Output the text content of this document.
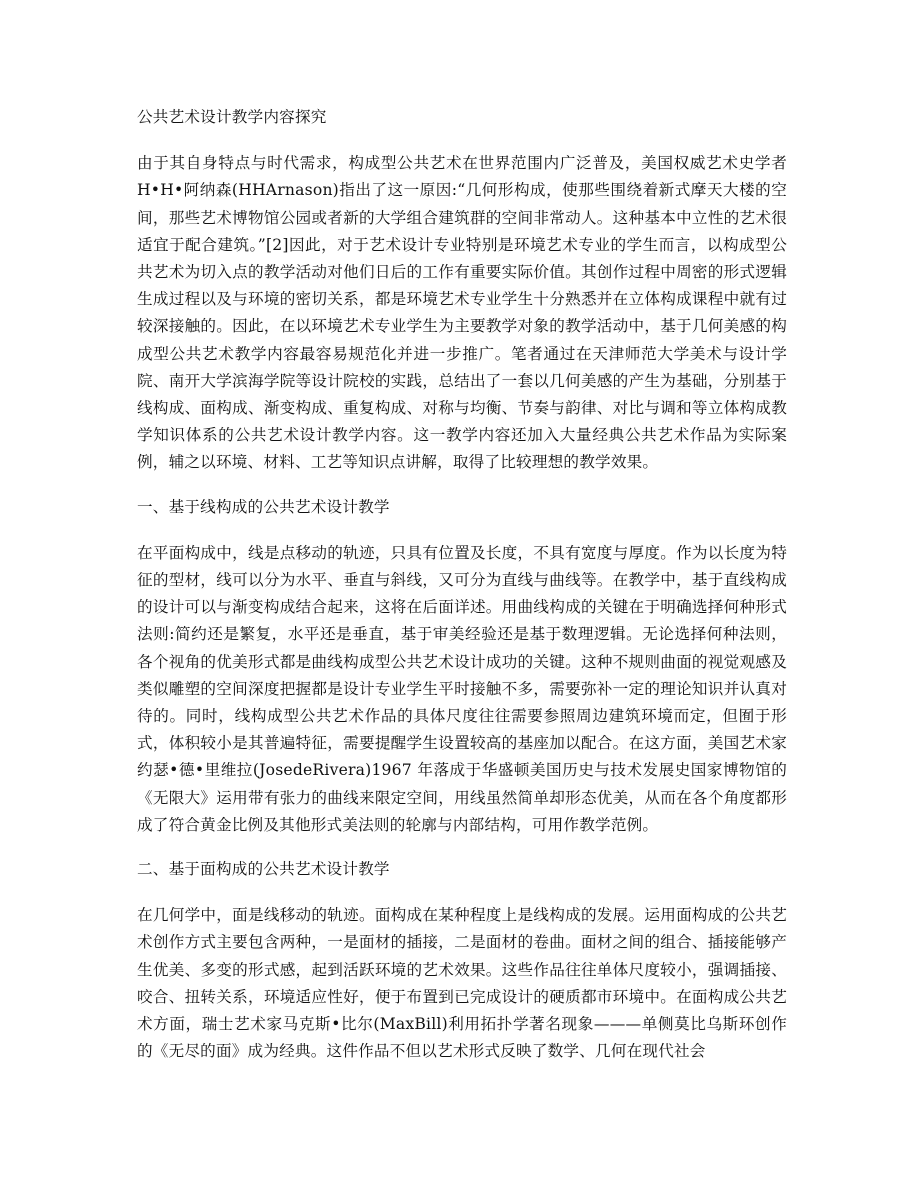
公共艺术设计教学内容探究

由于其自身特点与时代需求，构成型公共艺术在世界范围内广泛普及，美国权威艺术史学者 H•H•阿纳森(HHArnason)指出了这一原因:“几何形构成，使那些围绕着新式摩天大楼的空间，那些艺术博物馆公园或者新的大学组合建筑群的空间非常动人。这种基本中立性的艺术很适宜于配合建筑。”[2]因此，对于艺术设计专业特别是环境艺术专业的学生而言，以构成型公共艺术为切入点的教学活动对他们日后的工作有重要实际价值。其创作过程中周密的形式逻辑生成过程以及与环境的密切关系，都是环境艺术专业学生十分熟悉并在立体构成课程中就有过较深接触的。因此，在以环境艺术专业学生为主要教学对象的教学活动中，基于几何美感的构成型公共艺术教学内容最容易规范化并进一步推广。笔者通过在天津师范大学美术与设计学院、南开大学滨海学院等设计院校的实践，总结出了一套以几何美感的产生为基础，分别基于线构成、面构成、渐变构成、重复构成、对称与均衡、节奏与韵律、对比与调和等立体构成教学知识体系的公共艺术设计教学内容。这一教学内容还加入大量经典公共艺术作品为实际案例，辅之以环境、材料、工艺等知识点讲解，取得了比较理想的教学效果。

一、基于线构成的公共艺术设计教学

在平面构成中，线是点移动的轨迹，只具有位置及长度，不具有宽度与厚度。作为以长度为特征的型材，线可以分为水平、垂直与斜线，又可分为直线与曲线等。在教学中，基于直线构成的设计可以与渐变构成结合起来，这将在后面详述。用曲线构成的关键在于明确选择何种形式法则:简约还是繁复，水平还是垂直，基于审美经验还是基于数理逻辑。无论选择何种法则，各个视角的优美形式都是曲线构成型公共艺术设计成功的关键。这种不规则曲面的视觉观感及类似雕塑的空间深度把握都是设计专业学生平时接触不多，需要弥补一定的理论知识并认真对待的。同时，线构成型公共艺术作品的具体尺度往往需要参照周边建筑环境而定，但囿于形式，体积较小是其普遍特征，需要提醒学生设置较高的基座加以配合。在这方面，美国艺术家约瑟•德•里维拉(JosedeRivera)1967 年落成于华盛顿美国历史与技术发展史国家博物馆的《无限大》运用带有张力的曲线来限定空间，用线虽然简单却形态优美，从而在各个角度都形成了符合黄金比例及其他形式美法则的轮廓与内部结构，可用作教学范例。

二、基于面构成的公共艺术设计教学

在几何学中，面是线移动的轨迹。面构成在某种程度上是线构成的发展。运用面构成的公共艺术创作方式主要包含两种，一是面材的插接，二是面材的卷曲。面材之间的组合、插接能够产生优美、多变的形式感，起到活跃环境的艺术效果。这些作品往往单体尺度较小，强调插接、咬合、扭转关系，环境适应性好，便于布置到已完成设计的硬质都市环境中。在面构成公共艺术方面，瑞士艺术家马克斯•比尔(MaxBill)利用拓扑学著名现象———单侧莫比乌斯环创作的《无尽的面》成为经典。这件作品不但以艺术形式反映了数学、几何在现代社会
